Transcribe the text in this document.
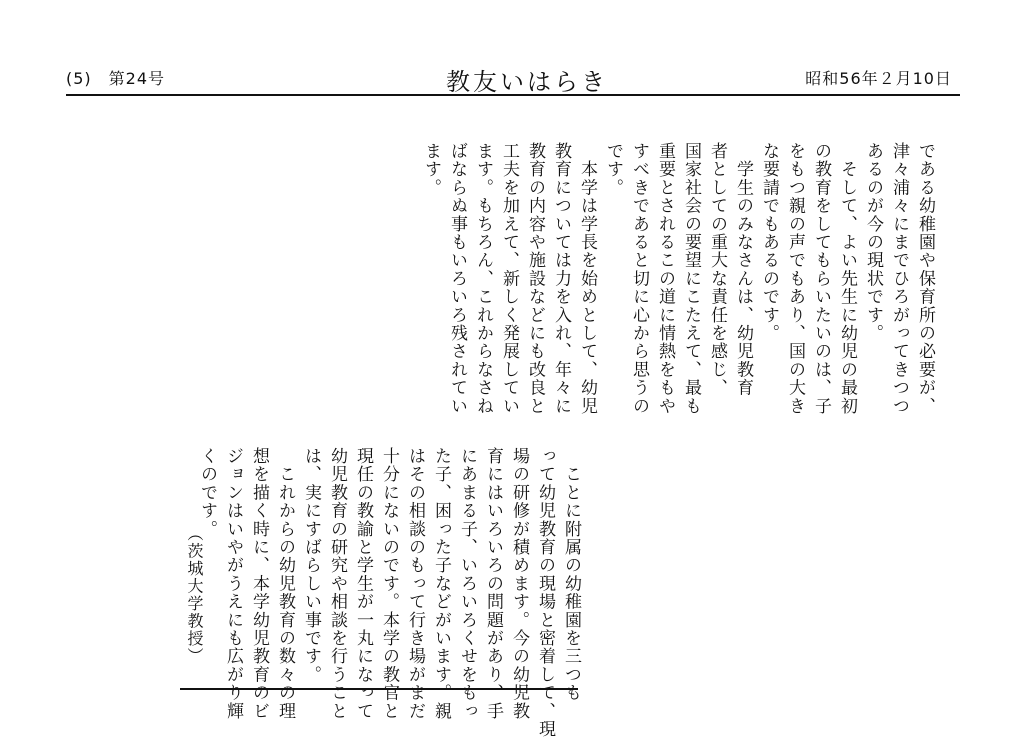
(5)　第24号	教友いはらき	昭和56年２月10日

である幼稚園や保育所の必要が、
津々浦々にまでひろがってきつつ
あるのが今の現状です。
　そして、よい先生に幼児の最初
の教育をしてもらいたいのは、子
をもつ親の声でもあり、国の大き
な要請でもあるのです。
　学生のみなさんは、幼児教育
者としての重大な責任を感じ、
国家社会の要望にこたえて、最も
重要とされるこの道に情熱をもや
すべきであると切に心から思うの
です。
　本学は学長を始めとして、幼児
教育については力を入れ、年々に
教育の内容や施設などにも改良と
工夫を加えて、新しく発展してい
ます。もちろん、これからなさね
ばならぬ事もいろいろ残されてい
ます。

　ことに附属の幼稚園を三つも
って幼児教育の現場と密着して、現
場の研修が積めます。今の幼児教
育にはいろいろの問題があり、手
にあまる子、いろいろくせをもっ
た子、困った子などがいます。親
はその相談のもって行き場がまだ
十分にないのです。本学の教官と
現任の教諭と学生が一丸になって
幼児教育の研究や相談を行うこと
は、実にすばらしい事です。
　これからの幼児教育の数々の理
想を描く時に、本学幼児教育のビ
ジョンはいやがうえにも広がり輝
くのです。

（茨城大学教授）
